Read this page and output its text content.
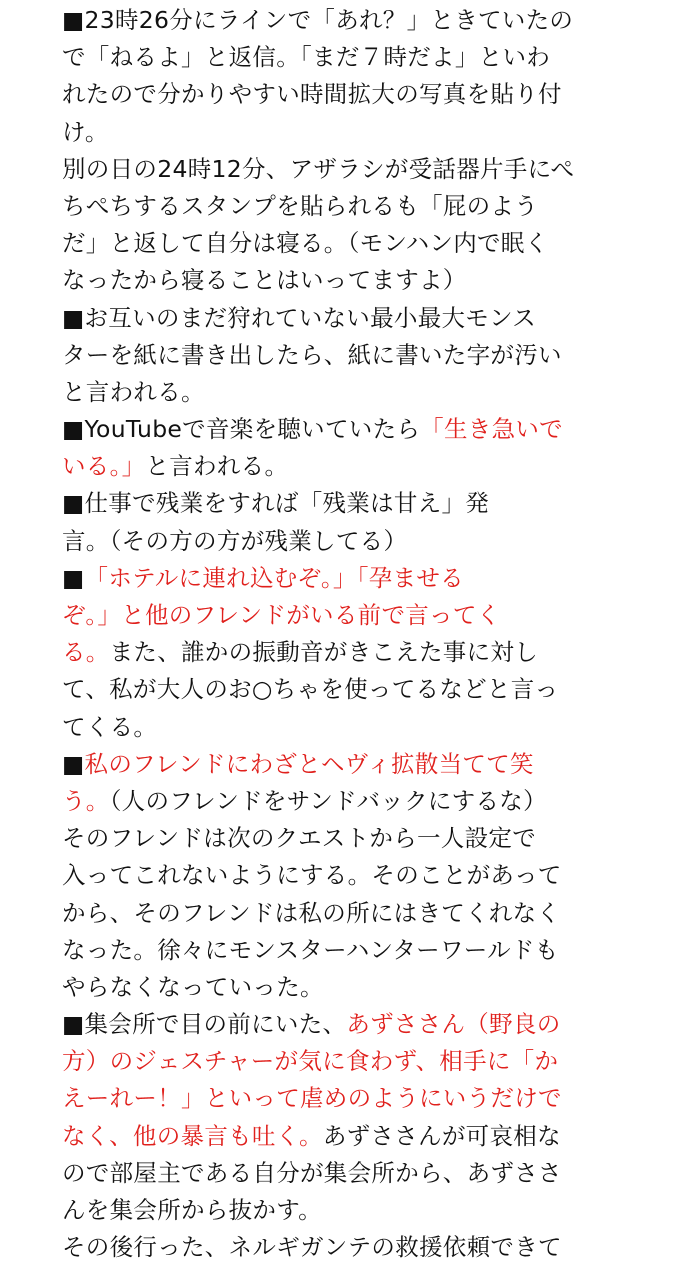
■23時26分にラインで「あれ？」ときていたの
で「ねるよ」と返信。「まだ７時だよ」といわ
れたので分かりやすい時間拡大の写真を貼り付
け。
別の日の24時12分、アザラシが受話器片手にぺ
ちぺちするスタンプを貼られるも「屁のよう
だ」と返して自分は寝る。（モンハン内で眠く
なったから寝ることはいってますよ）
■お互いのまだ狩れていない最小最大モンス
ターを紙に書き出したら、紙に書いた字が汚い
と言われる。
■YouTubeで音楽を聴いていたら「生き急いで
いる。」と言われる。
■仕事で残業をすれば「残業は甘え」発
言。（その方の方が残業してる）
■「ホテルに連れ込むぞ。」「孕ませる
ぞ。」と他のフレンドがいる前で言ってく
る。また、誰かの振動音がきこえた事に対し
て、私が大人のお○ちゃを使ってるなどと言っ
てくる。
■私のフレンドにわざとヘヴィ拡散当てて笑
う。（人のフレンドをサンドバックにするな）
そのフレンドは次のクエストから一人設定で
入ってこれないようにする。そのことがあって
から、そのフレンドは私の所にはきてくれなく
なった。徐々にモンスターハンターワールドも
やらなくなっていった。
■集会所で目の前にいた、あずささん（野良の
方）のジェスチャーが気に食わず、相手に「か
えーれー！」といって虐めのようにいうだけで
なく、他の暴言も吐く。あずささんが可哀相な
ので部屋主である自分が集会所から、あずささ
んを集会所から抜かす。
その後行った、ネルギガンテの救援依頼できて
